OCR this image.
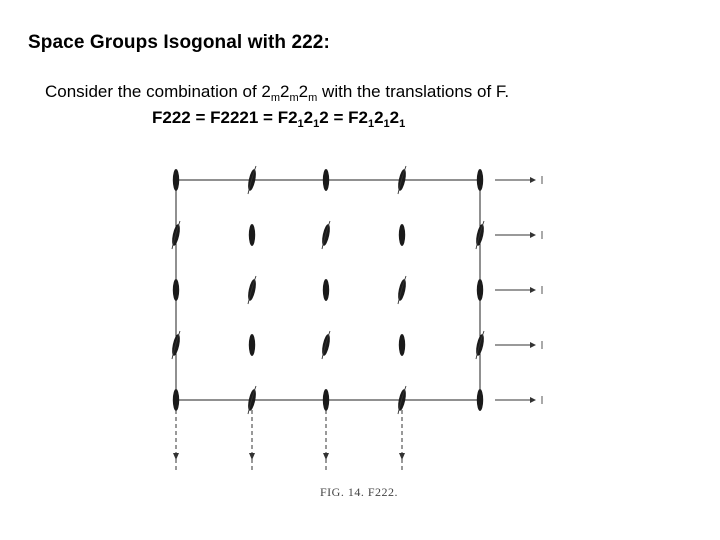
Space Groups Isogonal with 222:
Consider the combination of $2_m2_m2_m$ with the translations of F.
$F222 = F2221 = F2_12_12 = F2_12_12_1$
FIG. 14. F222.
